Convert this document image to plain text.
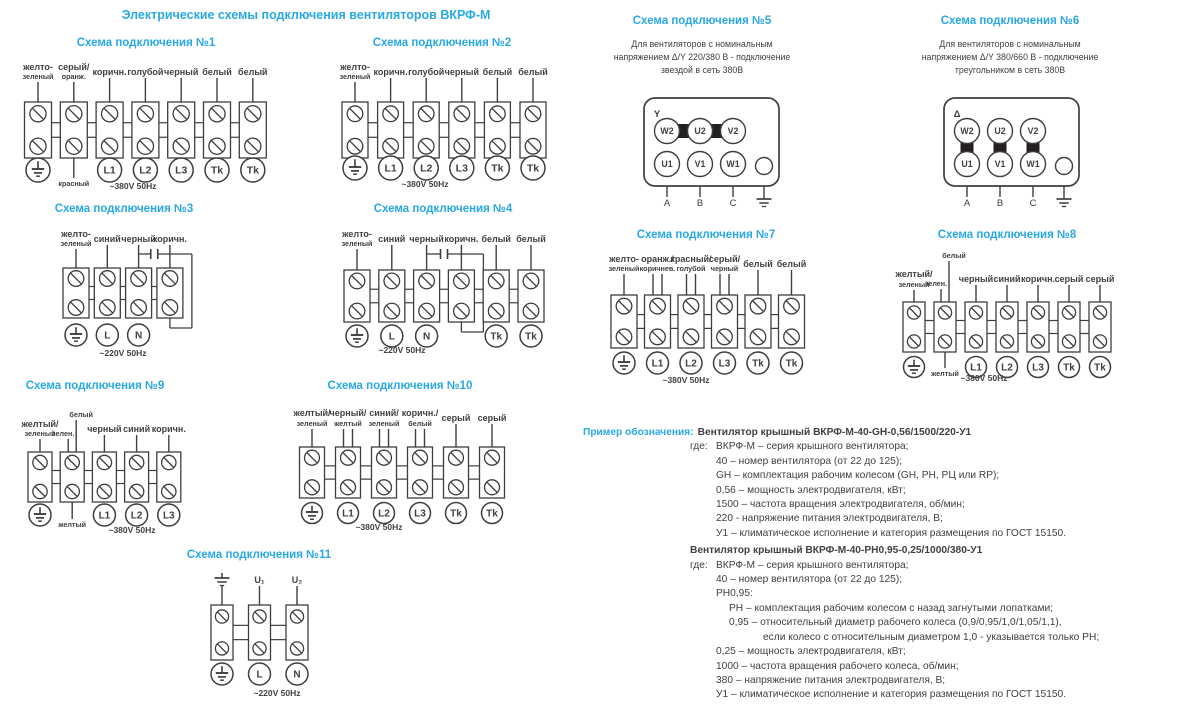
Электрические схемы подключения вентиляторов ВКРФ-М
Схема подключения №1
желто-
зеленый
серый/
оранж.
красный
коричн.
L1
голубой
L2
черный
L3
белый
Tk
белый
Tk
~380V 50Hz
Схема подключения №2
желто-
зеленый коричн.
L1
голубой
L2
черный
L3
белый
Tk
белый
Tk
~380V 50Hz
Схема подключения №3
желто-
зеленый синий
L
черный
N
коричн.
~220V 50Hz
Схема подключения №4
желто-
зеленый синий
L
черный
N
коричн. белый
Tk
белый
Tk
~220V 50Hz
Схема подключения №5
Для вентиляторов с номинальным
напряжением Δ/Y 220/380 В - подключение
звездой в сеть 380В
Y
W2 U2 V2
U1 V1 W1
A	B	C
Схема подключения №6
Для вентиляторов с номинальным
напряжением Δ/Y 380/660 В - подключение
треугольником в сеть 380В
Δ
W2 U2 V2
U1 V1 W1
A	B	C
Схема подключения №7
желто-
зеленый
оранж./
коричнев.
L1
красный/
голубой
L2
серый/
черный
L3
белый
Tk
белый
Tk
~380V 50Hz
Схема подключения №8
желтый/
зеленый
белый
зелен.
желтый
черный
L1
синий
L2
коричн.
L3
серый
Tk
серый
Tk
~380V 50Hz
Схема подключения №9
желтый/
зеленый
белый
зелен.
желтый
черный
L1
синий
L2
коричн.
L3
~380V 50Hz
Схема подключения №10
желтый/
зеленый
черный/
желтый
L1
синий/
зеленый
L2
коричн./
белый
L3
серый
Tk
серый
Tk
~380V 50Hz
Схема подключения №11
U₁
L
U₂
N
~220V 50Hz
Пример обозначения: Вентилятор крышный ВКРФ-М-40-GH-0,56/1500/220-У1
где: ВКРФ-М – серия крышного вентилятора;
40 – номер вентилятора (от 22 до 125);
GH – комплектация рабочим колесом (GH, РН, РЦ или RP);
0,56 – мощность электродвигателя, кВт;
1500 – частота вращения электродвигателя, об/мин;
220 - напряжение питания электродвигателя, В;
У1 – климатическое исполнение и категория размещения по ГОСТ 15150.
Вентилятор крышный ВКРФ-М-40-РН0,95-0,25/1000/380-У1
где: ВКРФ-М – серия крышного вентилятора;
40 – номер вентилятора (от 22 до 125);
РН0,95:
РН – комплектация рабочим колесом с назад загнутыми лопатками;
0,95 – относительный диаметр рабочего колеса (0,9/0,95/1,0/1,05/1,1),
если колесо с относительным диаметром 1,0 - указывается только РН;
0,25 – мощность электродвигателя, кВт;
1000 – частота вращения рабочего колеса, об/мин;
380 – напряжение питания электродвигателя, В;
У1 – климатическое исполнение и категория размещения по ГОСТ 15150.
